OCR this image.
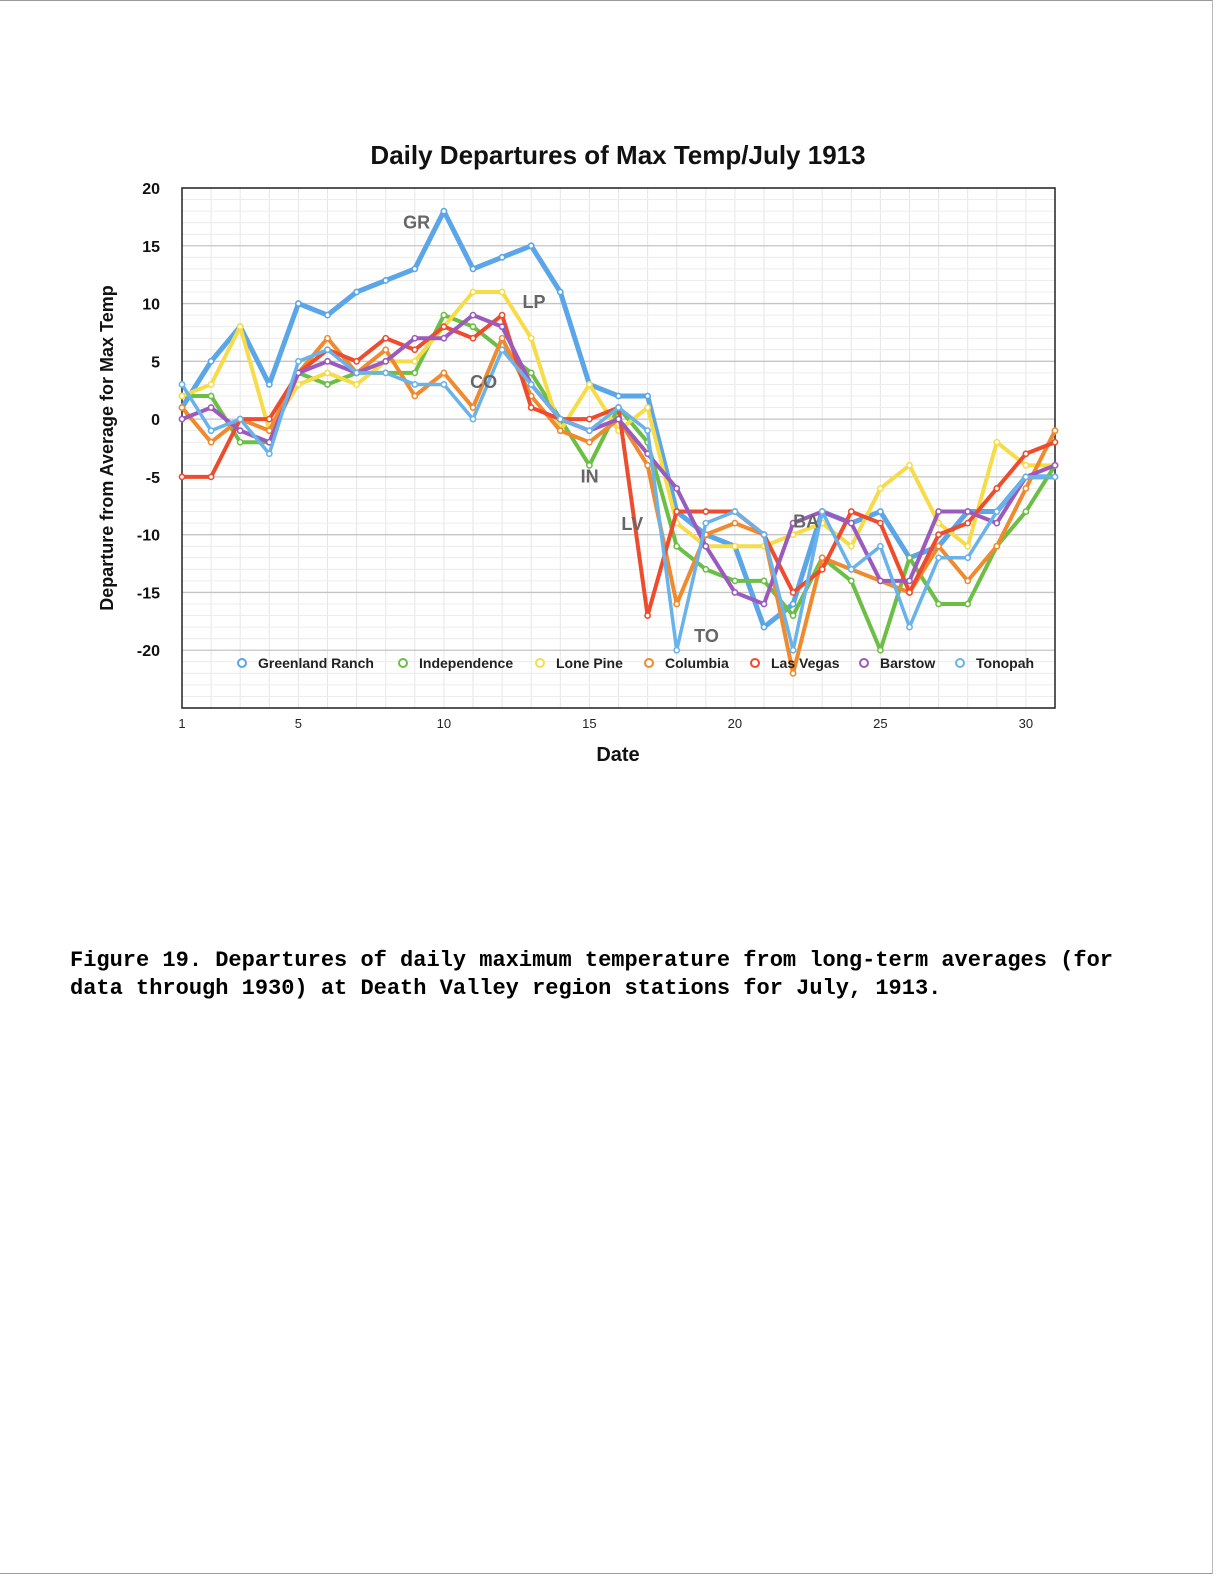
Daily Departures of Max Temp/July 1913
20
15
10
5
0
-5
-10
-15
-20
1	5	10	15	20	25	30
Date
Departure from Average for Max Temp
GR
LP
CO
IN
LV
TO
BA
Greenland Ranch	Independence	Lone Pine	Columbia	Las Vegas	Barstow	Tonopah

Figure 19. Departures of daily maximum temperature from long-term averages (for data through 1930) at Death Valley region stations for July, 1913.
